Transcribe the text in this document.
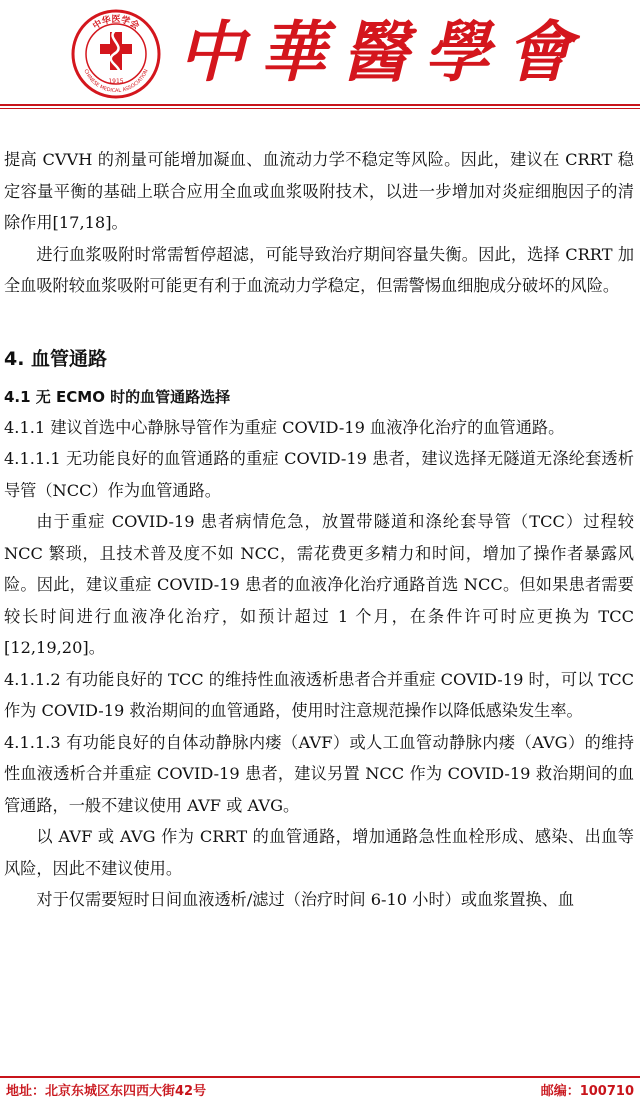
中华医学会
CHINESE MEDICAL ASSOCIATION
1915 中華醫學會

提高 CVVH 的剂量可能增加凝血、血流动力学不稳定等风险。因此，建议在 CRRT 稳定容量平衡的基础上联合应用全血或血浆吸附技术，以进一步增加对炎症细胞因子的清除作用[17,18]。

进行血浆吸附时常需暂停超滤，可能导致治疗期间容量失衡。因此，选择 CRRT 加全血吸附较血浆吸附可能更有利于血流动力学稳定，但需警惕血细胞成分破坏的风险。

4. 血管通路

4.1 无 ECMO 时的血管通路选择

4.1.1 建议首选中心静脉导管作为重症 COVID-19 血液净化治疗的血管通路。

4.1.1.1 无功能良好的血管通路的重症 COVID-19 患者，建议选择无隧道无涤纶套透析导管（NCC）作为血管通路。

由于重症 COVID-19 患者病情危急，放置带隧道和涤纶套导管（TCC）过程较 NCC 繁琐，且技术普及度不如 NCC，需花费更多精力和时间，增加了操作者暴露风险。因此，建议重症 COVID-19 患者的血液净化治疗通路首选 NCC。但如果患者需要较长时间进行血液净化治疗，如预计超过 1 个月，在条件许可时应更换为 TCC [12,19,20]。

4.1.1.2 有功能良好的 TCC 的维持性血液透析患者合并重症 COVID-19 时，可以 TCC 作为 COVID-19 救治期间的血管通路，使用时注意规范操作以降低感染发生率。

4.1.1.3 有功能良好的自体动静脉内瘘（AVF）或人工血管动静脉内瘘（AVG）的维持性血液透析合并重症 COVID-19 患者，建议另置 NCC 作为 COVID-19 救治期间的血管通路，一般不建议使用 AVF 或 AVG。

以 AVF 或 AVG 作为 CRRT 的血管通路，增加通路急性血栓形成、感染、出血等风险，因此不建议使用。

对于仅需要短时日间血液透析/滤过（治疗时间 6-10 小时）或血浆置换、血

地址：北京东城区东四西大街42号	邮编：100710
